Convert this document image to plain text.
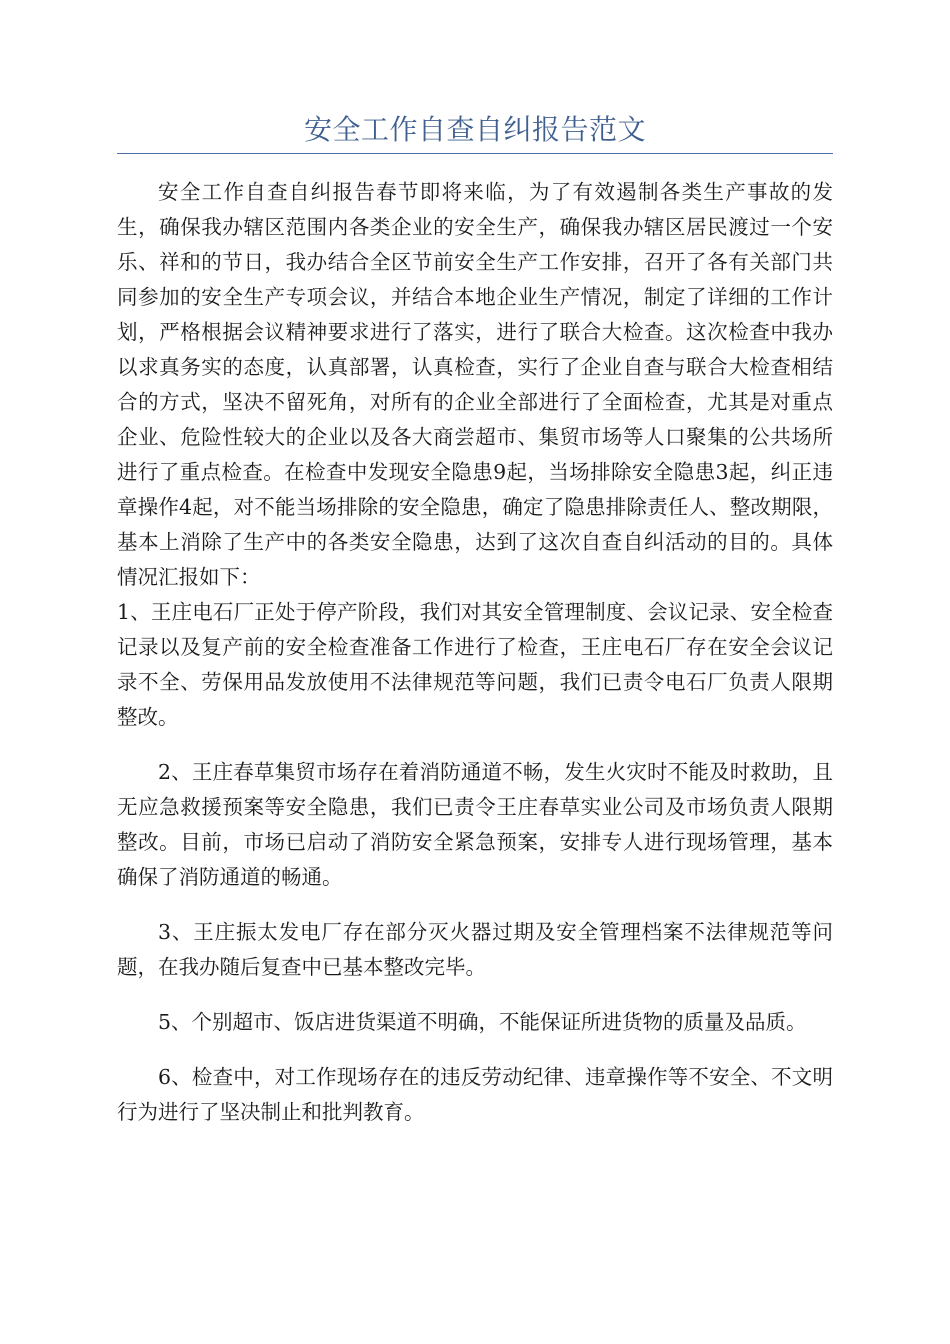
安全工作自查自纠报告范文

安全工作自查自纠报告春节即将来临，为了有效遏制各类生产事故的发生，确保我办辖区范围内各类企业的安全生产，确保我办辖区居民渡过一个安乐、祥和的节日，我办结合全区节前安全生产工作安排，召开了各有关部门共同参加的安全生产专项会议，并结合本地企业生产情况，制定了详细的工作计划，严格根据会议精神要求进行了落实，进行了联合大检查。这次检查中我办以求真务实的态度，认真部署，认真检查，实行了企业自查与联合大检查相结合的方式，坚决不留死角，对所有的企业全部进行了全面检查，尤其是对重点企业、危险性较大的企业以及各大商尝超市、集贸市场等人口聚集的公共场所进行了重点检查。在检查中发现安全隐患9起，当场排除安全隐患3起，纠正违章操作4起，对不能当场排除的安全隐患，确定了隐患排除责任人、整改期限，基本上消除了生产中的各类安全隐患，达到了这次自查自纠活动的目的。具体情况汇报如下：

1、王庄电石厂正处于停产阶段，我们对其安全管理制度、会议记录、安全检查记录以及复产前的安全检查准备工作进行了检查，王庄电石厂存在安全会议记录不全、劳保用品发放使用不法律规范等问题，我们已责令电石厂负责人限期整改。

2、王庄春草集贸市场存在着消防通道不畅，发生火灾时不能及时救助，且无应急救援预案等安全隐患，我们已责令王庄春草实业公司及市场负责人限期整改。目前，市场已启动了消防安全紧急预案，安排专人进行现场管理，基本确保了消防通道的畅通。

3、王庄振太发电厂存在部分灭火器过期及安全管理档案不法律规范等问题，在我办随后复查中已基本整改完毕。

5、个别超市、饭店进货渠道不明确，不能保证所进货物的质量及品质。

6、检查中，对工作现场存在的违反劳动纪律、违章操作等不安全、不文明行为进行了坚决制止和批判教育。
